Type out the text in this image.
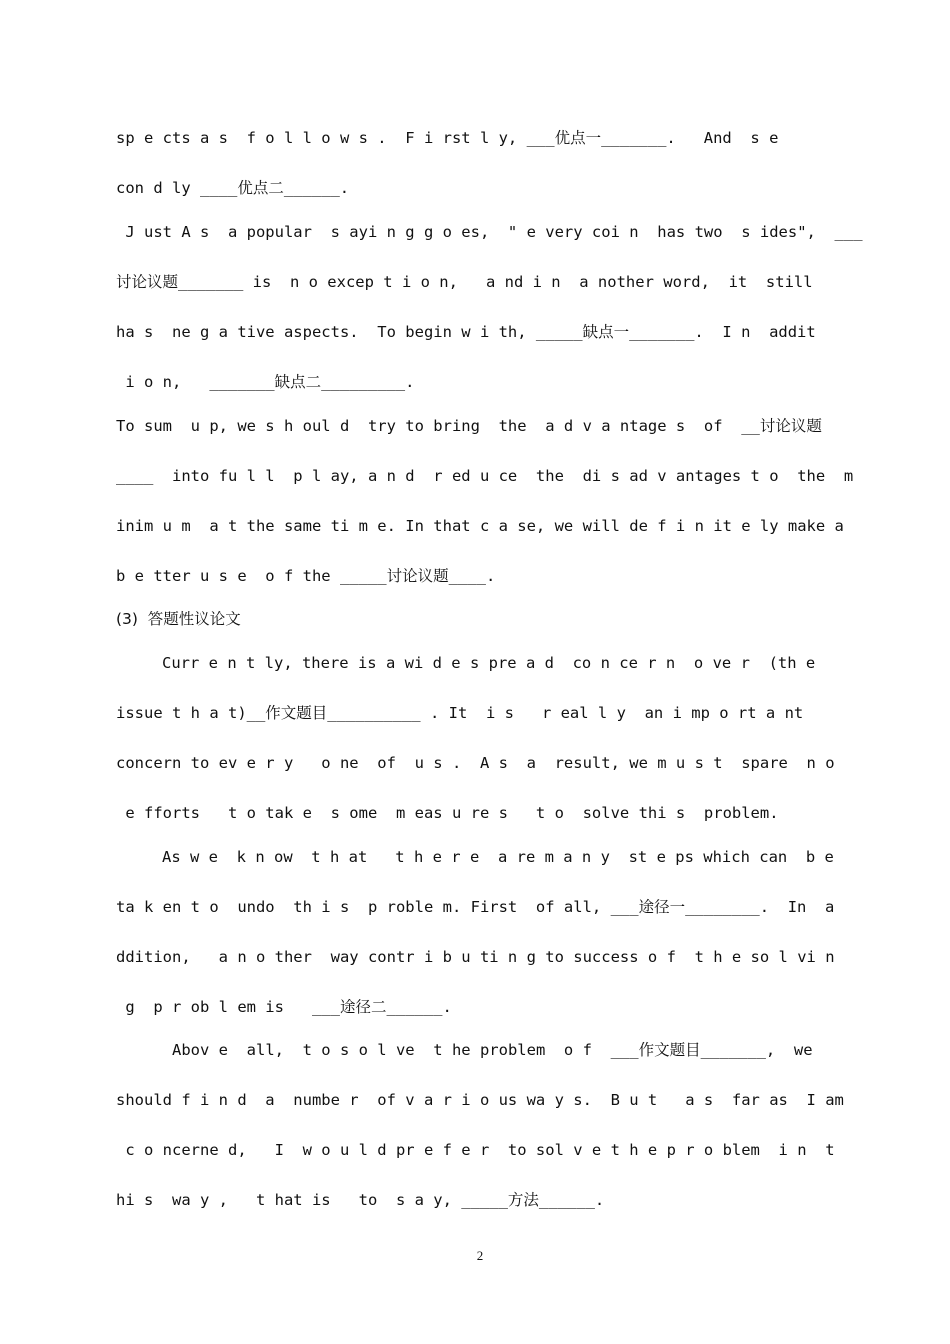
sp e cts a s  f o l l o w s .  F i rst l y, ___优点一_______.   And  s e
con d ly ____优点二______.
J ust A s  a popular  s ayi n g g o es,  " e very coi n  has two  s ides",  ___
讨论议题_______ is  n o excep t i o n,   a nd i n  a nother word,  it  still
ha s  ne g a tive aspects.  To begin w i th, _____缺点一_______.  I n  addit
i o n,   _______缺点二_________.
To sum  u p, we s h oul d  try to bring  the  a d v a ntage s  of  __讨论议题
____  into fu l l  p l ay, a n d  r ed u ce  the  di s ad v antages t o  the  m
inim u m  a t the same ti m e. In that c a se, we will de f i n it e ly make a
b e tter u s e  o f the _____讨论议题____.
(3)  答题性议论文
Curr e n t ly, there is a wi d e s pre a d  co n ce r n  o ve r  (th e
issue t h a t)__作文题目__________ . It  i s   r eal l y  an i mp o rt a nt
concern to ev e r y   o ne  of  u s .  A s  a  result, we m u s t  spare  n o
e fforts   t o tak e  s ome  m eas u re s   t o  solve thi s  problem.
As w e  k n ow  t h at   t h e r e  a re m a n y  st e ps which can  b e
ta k en t o  undo  th i s  p roble m. First  of all, ___途径一________.  In  a
ddition,   a n o ther  way contr i b u ti n g to success o f  t h e so l vi n
g  p r ob l em is   ___途径二______.
Abov e  all,  t o s o l ve  t he problem  o f  ___作文题目_______,  we
should f i n d  a  numbe r  of v a r i o us wa y s.  B u t   a s  far as  I am
c o ncerne d,   I  w o u l d pr e f e r  to sol v e t h e p r o blem  i n  t
hi s  wa y ,   t hat is   to  s a y, _____方法______.
2
